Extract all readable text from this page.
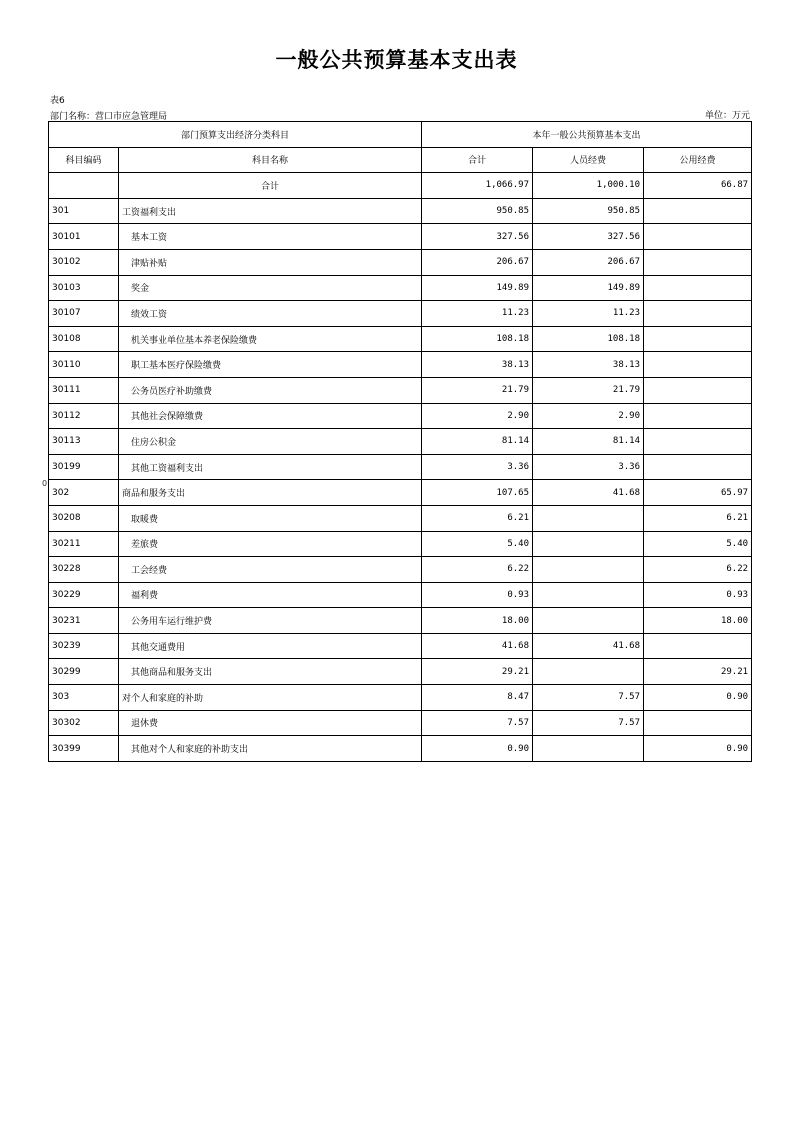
一般公共预算基本支出表
表6
部门名称：营口市应急管理局	单位：万元
0
部门预算支出经济分类科目		本年一般公共预算基本支出		
科目编码	科目名称	合计	人员经费	公用经费
	合计	1,066.97	1,000.10	66.87
301	工资福利支出	950.85	950.85	
30101	基本工资	327.56	327.56	
30102	津贴补贴	206.67	206.67	
30103	奖金	149.89	149.89	
30107	绩效工资	11.23	11.23	
30108	机关事业单位基本养老保险缴费	108.18	108.18	
30110	职工基本医疗保险缴费	38.13	38.13	
30111	公务员医疗补助缴费	21.79	21.79	
30112	其他社会保障缴费	2.90	2.90	
30113	住房公积金	81.14	81.14	
30199	其他工资福利支出	3.36	3.36	
302	商品和服务支出	107.65	41.68	65.97
30208	取暖费	6.21		6.21
30211	差旅费	5.40		5.40
30228	工会经费	6.22		6.22
30229	福利费	0.93		0.93
30231	公务用车运行维护费	18.00		18.00
30239	其他交通费用	41.68	41.68	
30299	其他商品和服务支出	29.21		29.21
303	对个人和家庭的补助	8.47	7.57	0.90
30302	退休费	7.57	7.57	
30399	其他对个人和家庭的补助支出	0.90		0.90
